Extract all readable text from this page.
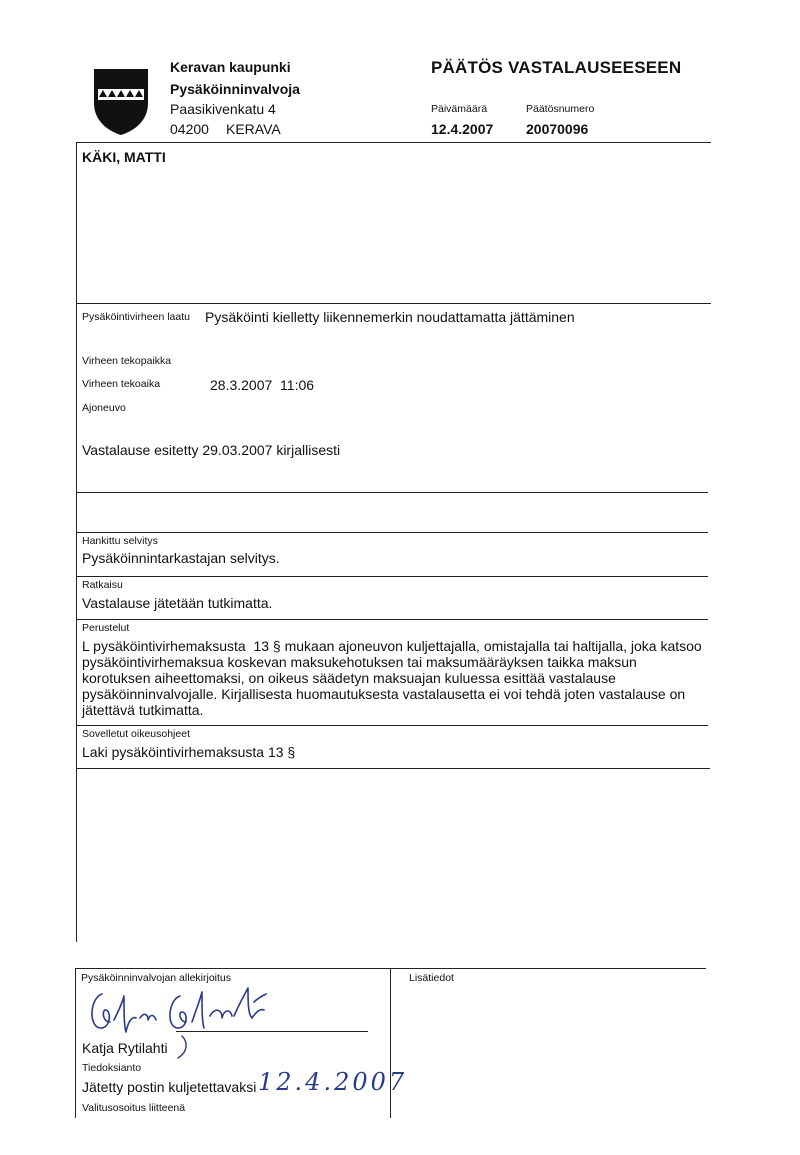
Keravan kaupunki
Pysäköinninvalvoja
Paasikivenkatu 4
04200 KERAVA
PÄÄTÖS VASTALAUSEESEEN
Päivämäärä	Päätösnumero
12.4.2007 20070096
KÄKI, MATTI
Pysäköintivirheen laatu Pysäköinti kielletty liikennemerkin noudattamatta jättäminen
Virheen tekopaikka
Virheen tekoaika	28.3.2007  11:06
Ajoneuvo
Vastalause esitetty 29.03.2007 kirjallisesti
Hankittu selvitys
Pysäköinnintarkastajan selvitys.
Ratkaisu
Vastalause jätetään tutkimatta.
Perustelut
L pysäköintivirhemaksusta  13 § mukaan ajoneuvon kuljettajalla, omistajalla tai haltijalla, joka katsoo
pysäköintivirhemaksua koskevan maksukehotuksen tai maksumääräyksen taikka maksun
korotuksen aiheettomaksi, on oikeus säädetyn maksuajan kuluessa esittää vastalause
pysäköinninvalvojalle. Kirjallisesta huomautuksesta vastalausetta ei voi tehdä joten vastalause on
jätettävä tutkimatta.
Sovelletut oikeusohjeet
Laki pysäköintivirhemaksusta 13 §
Pysäköinninvalvojan allekirjoitus	Lisätiedot
Katja Rytilahti
Tiedoksianto
Jätetty postin kuljetettavaksi 12.4.2007
Valitusosoitus liitteenä
